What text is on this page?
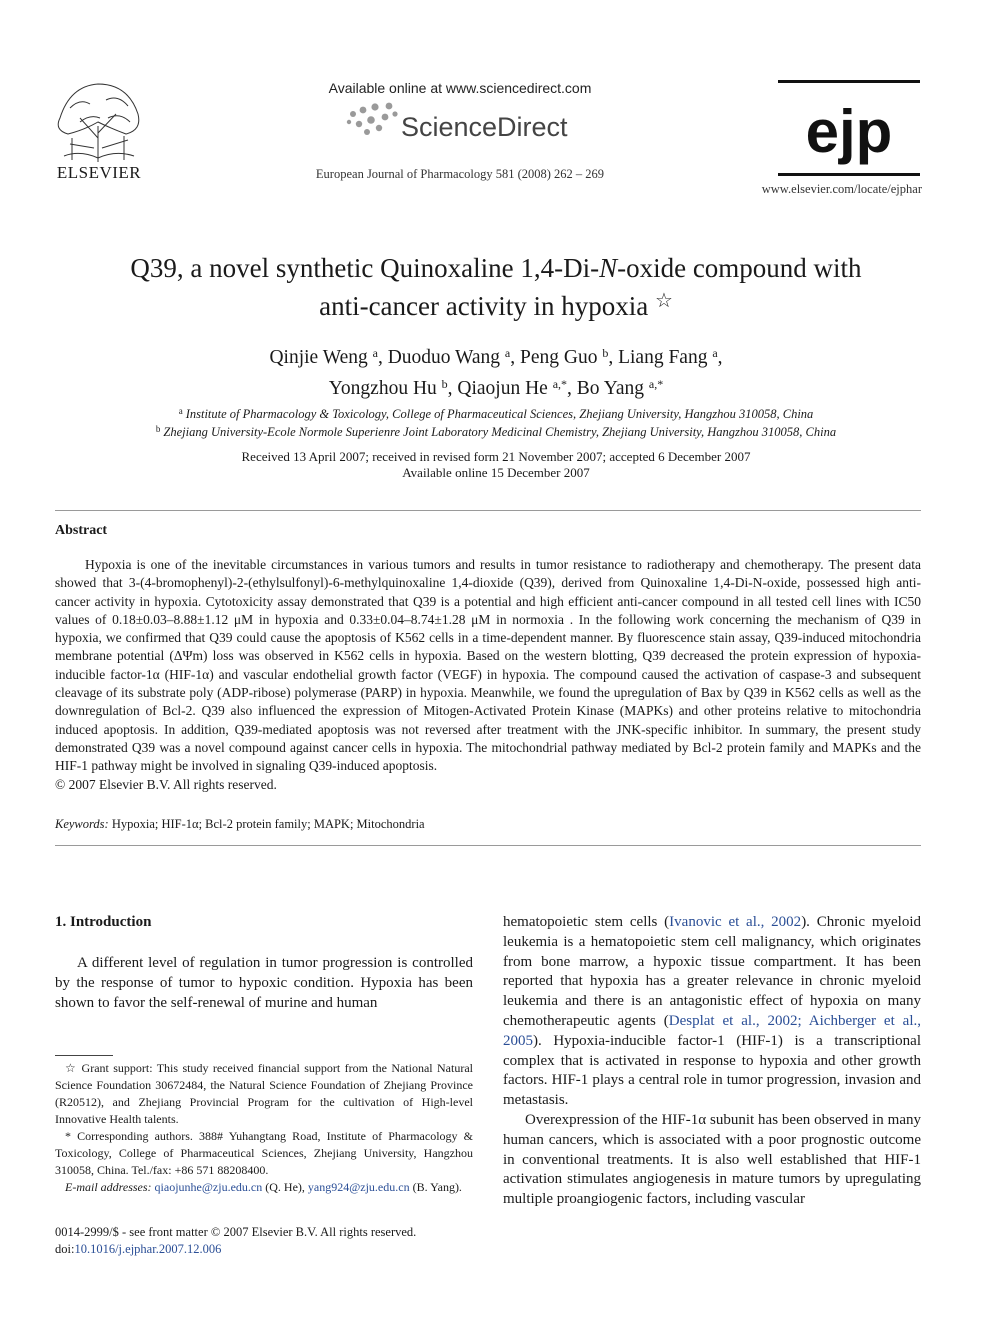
ELSEVIER
Available online at www.sciencedirect.com
ScienceDirect
European Journal of Pharmacology 581 (2008) 262 – 269
ejp
www.elsevier.com/locate/ejphar
Q39, a novel synthetic Quinoxaline 1,4-Di-N-oxide compound with
anti-cancer activity in hypoxia ☆
Qinjie Weng $^a$, Duoduo Wang $^a$, Peng Guo $^b$, Liang Fang $^a$,
Yongzhou Hu $^b$, Qiaojun He $^{a,*}$, Bo Yang $^{a,*}$
$^a$ Institute of Pharmacology & Toxicology, College of Pharmaceutical Sciences, Zhejiang University, Hangzhou 310058, China
$^b$ Zhejiang University-Ecole Normole Superienre Joint Laboratory Medicinal Chemistry, Zhejiang University, Hangzhou 310058, China
Received 13 April 2007; received in revised form 21 November 2007; accepted 6 December 2007
Available online 15 December 2007
Abstract

Hypoxia is one of the inevitable circumstances in various tumors and results in tumor resistance to radiotherapy and chemotherapy. The present data showed that 3-(4-bromophenyl)-2-(ethylsulfonyl)-6-methylquinoxaline 1,4-dioxide (Q39), derived from Quinoxaline 1,4-Di-N-oxide, possessed high anti-cancer activity in hypoxia. Cytotoxicity assay demonstrated that Q39 is a potential and high efficient anti-cancer compound in all tested cell lines with IC50 values of 0.18±0.03–8.88±1.12 μM in hypoxia and 0.33±0.04–8.74±1.28 μM in normoxia . In the following work concerning the mechanism of Q39 in hypoxia, we confirmed that Q39 could cause the apoptosis of K562 cells in a time-dependent manner. By fluorescence stain assay, Q39-induced mitochondria membrane potential (ΔΨm) loss was observed in K562 cells in hypoxia. Based on the western blotting, Q39 decreased the protein expression of hypoxia-inducible factor-1α (HIF-1α) and vascular endothelial growth factor (VEGF) in hypoxia. The compound caused the activation of caspase-3 and subsequent cleavage of its substrate poly (ADP-ribose) polymerase (PARP) in hypoxia. Meanwhile, we found the upregulation of Bax by Q39 in K562 cells as well as the downregulation of Bcl-2. Q39 also influenced the expression of Mitogen-Activated Protein Kinase (MAPKs) and other proteins relative to mitochondria induced apoptosis. In addition, Q39-mediated apoptosis was not reversed after treatment with the JNK-specific inhibitor. In summary, the present study demonstrated Q39 was a novel compound against cancer cells in hypoxia. The mitochondrial pathway mediated by Bcl-2 protein family and MAPKs and the HIF-1 pathway might be involved in signaling Q39-induced apoptosis.

© 2007 Elsevier B.V. All rights reserved.

Keywords: Hypoxia; HIF-1α; Bcl-2 protein family; MAPK; Mitochondria
1. Introduction

A different level of regulation in tumor progression is controlled by the response of tumor to hypoxic condition. Hypoxia has been shown to favor the self-renewal of murine and human

hematopoietic stem cells (Ivanovic et al., 2002). Chronic myeloid leukemia is a hematopoietic stem cell malignancy, which originates from bone marrow, a hypoxic tissue compartment. It has been reported that hypoxia has a greater relevance in chronic myeloid leukemia and there is an antagonistic effect of hypoxia on many chemotherapeutic agents (Desplat et al., 2002; Aichberger et al., 2005). Hypoxia-inducible factor-1 (HIF-1) is a transcriptional complex that is activated in response to hypoxia and other growth factors. HIF-1 plays a central role in tumor progression, invasion and metastasis.

Overexpression of the HIF-1α subunit has been observed in many human cancers, which is associated with a poor prognostic outcome in conventional treatments. It is also well established that HIF-1 activation stimulates angiogenesis in mature tumors by upregulating multiple proangiogenic factors, including vascular

☆ Grant support: This study received financial support from the National Natural Science Foundation 30672484, the Natural Science Foundation of Zhejiang Province (R20512), and Zhejiang Provincial Program for the cultivation of High-level Innovative Health talents.

* Corresponding authors. 388# Yuhangtang Road, Institute of Pharmacology & Toxicology, College of Pharmaceutical Sciences, Zhejiang University, Hangzhou 310058, China. Tel./fax: +86 571 88208400.

E-mail addresses: qiaojunhe@zju.edu.cn (Q. He), yang924@zju.edu.cn (B. Yang).

0014-2999/$ - see front matter © 2007 Elsevier B.V. All rights reserved.
doi:10.1016/j.ejphar.2007.12.006
